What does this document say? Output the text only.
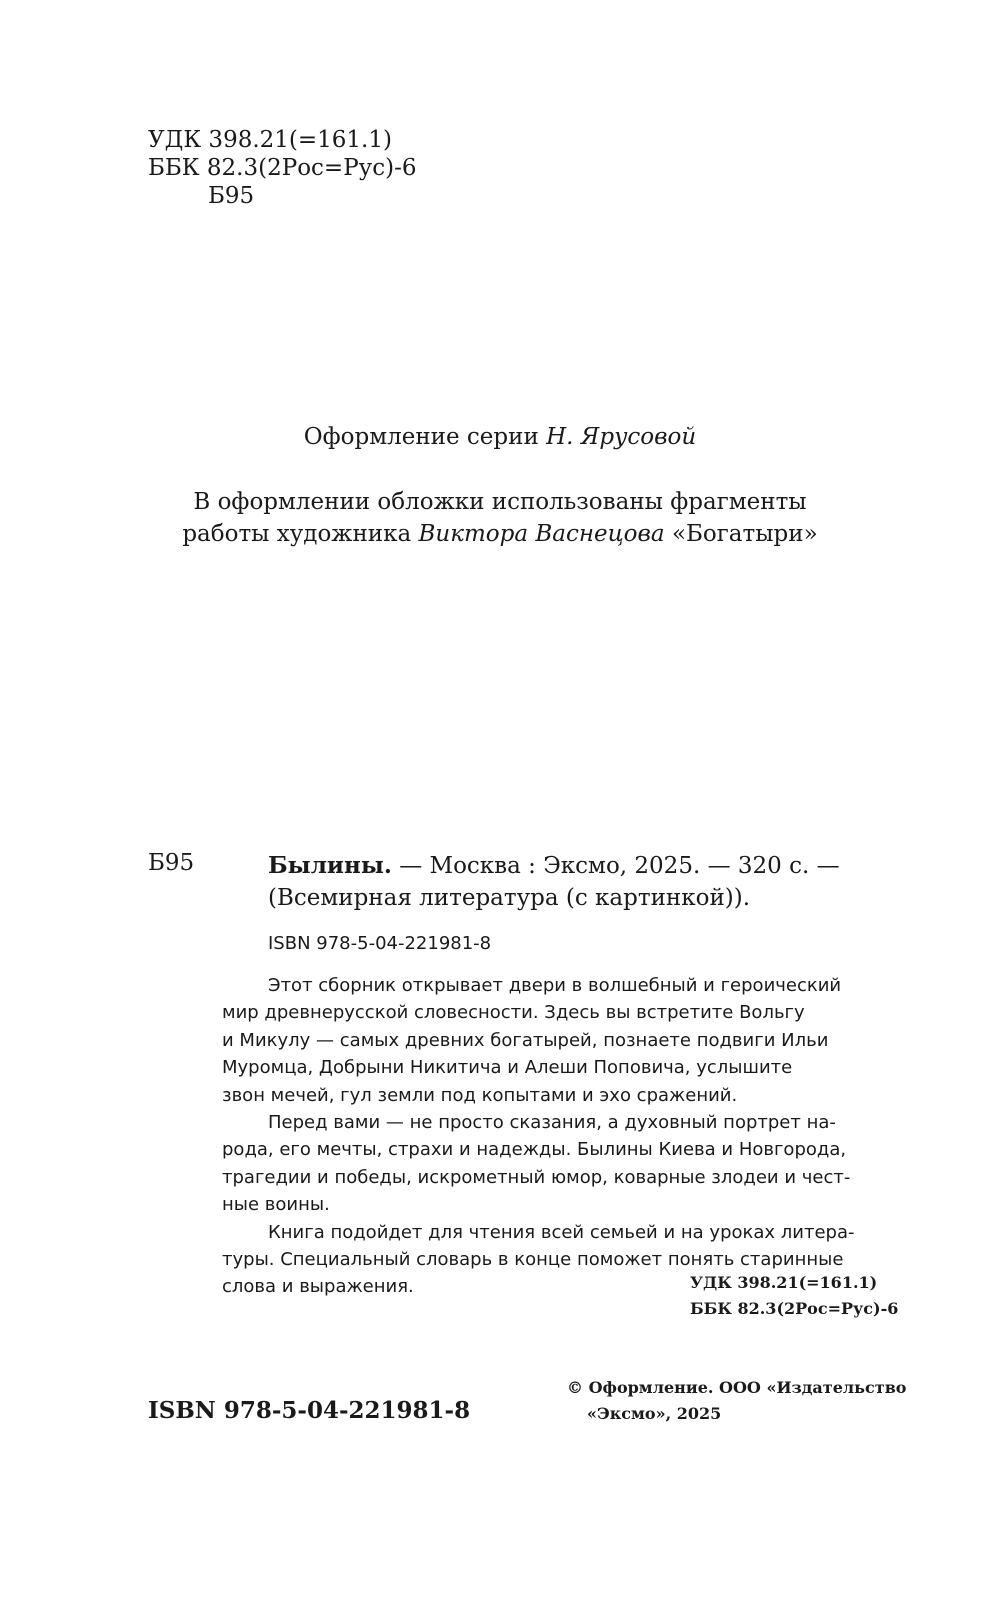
УДК 398.21(=161.1)
ББК 82.3(2Рос=Рус)-6
Б95
Оформление серии Н. Ярусовой
В оформлении обложки использованы фрагменты
работы художника Виктора Васнецова «Богатыри»
Б95	Былины. — Москва : Эксмо, 2025. — 320 с. —
(Всемирная литература (с картинкой)).
ISBN 978-5-04-221981-8
Этот сборник открывает двери в волшебный и героический
мир древнерусской словесности. Здесь вы встретите Вольгу
и Микулу — самых древних богатырей, познаете подвиги Ильи
Муромца, Добрыни Никитича и Алеши Поповича, услышите
звон мечей, гул земли под копытами и эхо сражений.
Перед вами — не просто сказания, а духовный портрет на-
рода, его мечты, страхи и надежды. Былины Киева и Новгорода,
трагедии и победы, искрометный юмор, коварные злодеи и чест-
ные воины.
Книга подойдет для чтения всей семьей и на уроках литера-
туры. Специальный словарь в конце поможет понять старинные
слова и выражения.	УДК 398.21(=161.1)
ББК 82.3(2Рос=Рус)-6
ISBN 978-5-04-221981-8
© Оформление. ООО «Издательство
«Эксмо», 2025
